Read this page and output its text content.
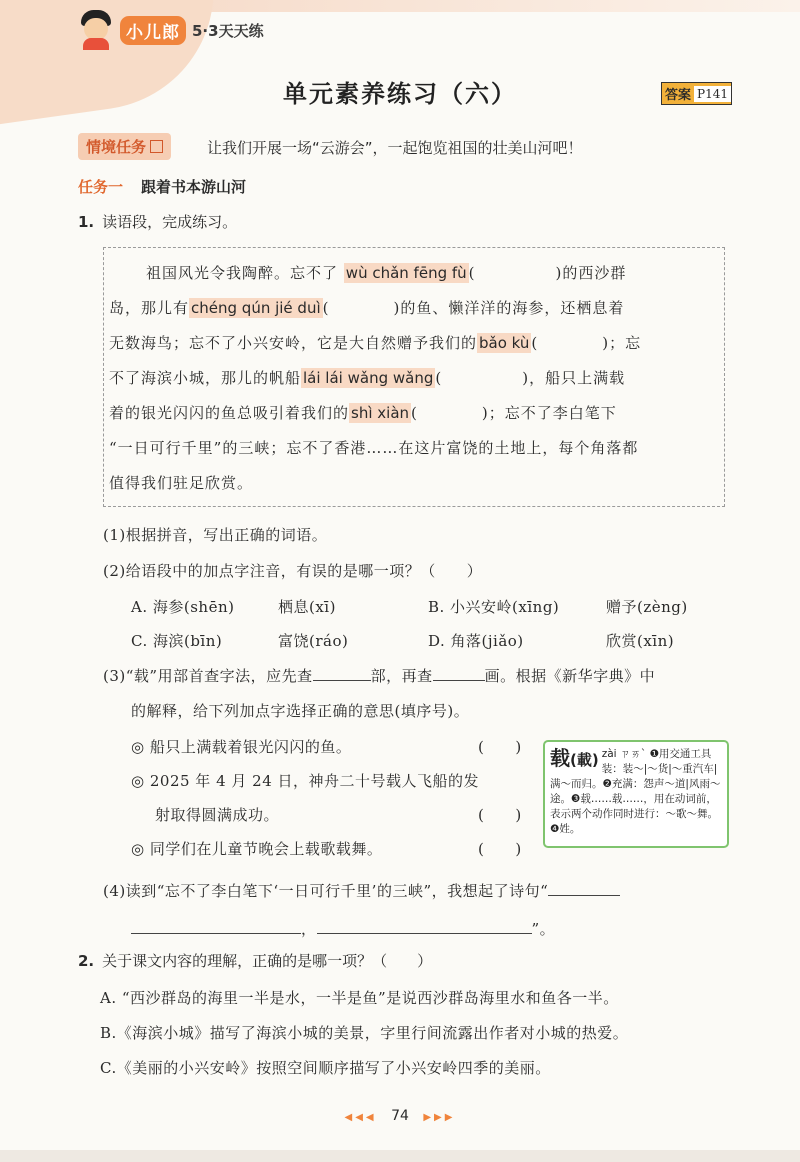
小儿郎 5·3天天练
单元素养练习（六）	答案 P141
情境任务	让我们开展一场“云游会”，一起饱览祖国的壮美山河吧！
任务一 跟着书本游山河
1. 读语段，完成练习。
祖国风光令我陶醉。忘不了 wù chǎn fēng fù (　　　　　)的西沙群
岛，那儿有 chéng qún jié duì (　　　　)的鱼、懒洋洋的海参，还栖息着
无数海鸟；忘不了小兴安岭，它是大自然赠予我们的 bǎo kù (　　　　)；忘
不了海滨小城，那儿的帆船 lái lái wǎng wǎng (　　　　　)，船只上满载
着的银光闪闪的鱼总吸引着我们的 shì xiàn (　　　　)；忘不了李白笔下
“一日可行千里”的三峡；忘不了香港……在这片富饶的土地上，每个角落都
值得我们驻足欣赏。
(1)根据拼音，写出正确的词语。
(2)给语段中的加点字注音，有误的是哪一项？（　　）
A. 海参(shēn)	栖息(xī)	B. 小兴安岭(xīng)	赠予(zèng)
C. 海滨(bīn)	富饶(ráo)	D. 角落(jiǎo)	欣赏(xīn)
(3)“载”用部首查字法，应先查	部，再查	画。根据《新华字典》中
的解释，给下列加点字选择正确的意思(填序号)。
◎ 船只上满载着银光闪闪的鱼。	(　　)
◎ 2025 年 4 月 24 日，神舟二十号载人飞船的发
射取得圆满成功。	(　　)
◎ 同学们在儿童节晚会上载歌载舞。	(　　)
载(載) zài ㄗㄞˋ ❶用交通工具装：装～|～货|～重汽车|满～而归。❷充满：怨声～道|风雨～途。❸载……载……，用在动词前，表示两个动作同时进行：～歌～舞。❹姓。
(4)读到“忘不了李白笔下‘一日可行千里’的三峡”，我想起了诗句“
，	”。
2. 关于课文内容的理解，正确的是哪一项？（　　）
A. “西沙群岛的海里一半是水，一半是鱼”是说西沙群岛海里水和鱼各一半。
B.《海滨小城》描写了海滨小城的美景，字里行间流露出作者对小城的热爱。
C.《美丽的小兴安岭》按照空间顺序描写了小兴安岭四季的美丽。
◀◀◀ 74 ▶▶▶
